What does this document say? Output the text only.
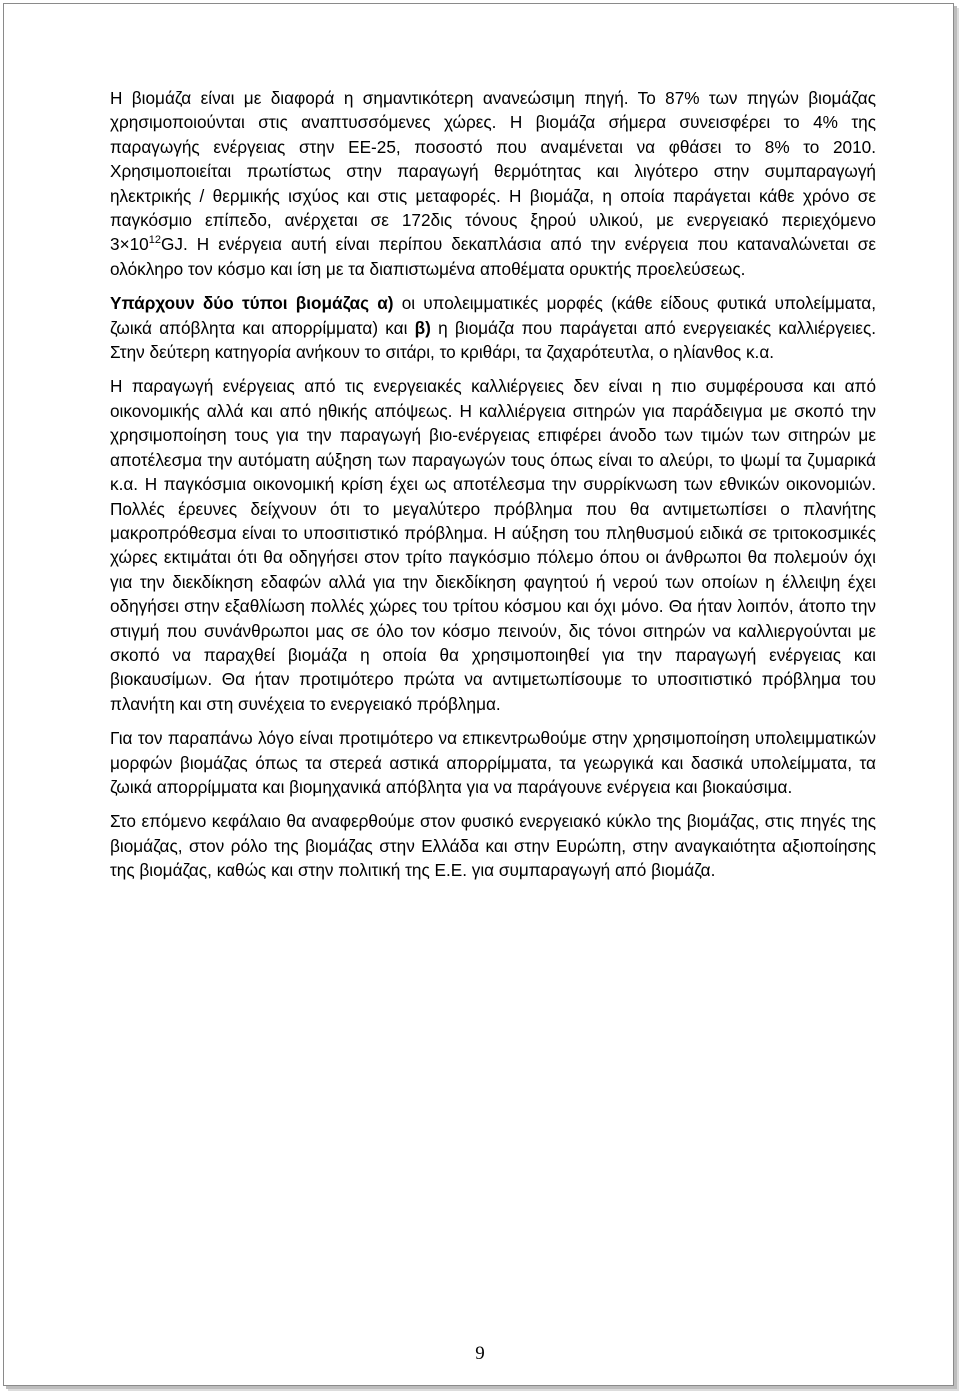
Η βιομάζα είναι με διαφορά η σημαντικότερη ανανεώσιμη πηγή. Το 87% των πηγών βιομάζας χρησιμοποιούνται στις αναπτυσσόμενες χώρες. Η βιομάζα σήμερα συνεισφέρει το 4% της παραγωγής ενέργειας στην ΕΕ-25, ποσοστό που αναμένεται να φθάσει το 8% το 2010. Χρησιμοποιείται πρωτίστως στην παραγωγή θερμότητας και λιγότερο στην συμπαραγωγή ηλεκτρικής / θερμικής ισχύος και στις μεταφορές. Η βιομάζα, η οποία παράγεται κάθε χρόνο σε παγκόσμιο επίπεδο, ανέρχεται σε 172δις τόνους ξηρού υλικού, με ενεργειακό περιεχόμενο $3\times 10^{12}GJ$. Η ενέργεια αυτή είναι περίπου δεκαπλάσια από την ενέργεια που καταναλώνεται σε ολόκληρο τον κόσμο και ίση με τα διαπιστωμένα αποθέματα ορυκτής προελεύσεως.

Υπάρχουν δύο τύποι βιομάζας α) οι υπολειμματικές μορφές (κάθε είδους φυτικά υπολείμματα, ζωικά απόβλητα και απορρίμματα) και β) η βιομάζα που παράγεται από ενεργειακές καλλιέργειες. Στην δεύτερη κατηγορία ανήκουν το σιτάρι, το κριθάρι, τα ζαχαρότευτλα, ο ηλίανθος κ.α.

Η παραγωγή ενέργειας από τις ενεργειακές καλλιέργειες δεν είναι η πιο συμφέρουσα και από οικονομικής αλλά και από ηθικής απόψεως. Η καλλιέργεια σιτηρών για παράδειγμα με σκοπό την χρησιμοποίηση τους για την παραγωγή βιο-ενέργειας επιφέρει άνοδο των τιμών των σιτηρών με αποτέλεσμα την αυτόματη αύξηση των παραγωγών τους όπως είναι το αλεύρι, το ψωμί τα ζυμαρικά κ.α. Η παγκόσμια οικονομική κρίση έχει ως αποτέλεσμα την συρρίκνωση των εθνικών οικονομιών. Πολλές έρευνες δείχνουν ότι το μεγαλύτερο πρόβλημα που θα αντιμετωπίσει ο πλανήτης μακροπρόθεσμα είναι το υποσιτιστικό πρόβλημα. Η αύξηση του πληθυσμού ειδικά σε τριτοκοσμικές χώρες εκτιμάται ότι θα οδηγήσει στον τρίτο παγκόσμιο πόλεμο όπου οι άνθρωποι θα πολεμούν όχι για την διεκδίκηση εδαφών αλλά για την διεκδίκηση φαγητού ή νερού των οποίων η έλλειψη έχει οδηγήσει στην εξαθλίωση πολλές χώρες του τρίτου κόσμου και όχι μόνο. Θα ήταν λοιπόν, άτοπο την στιγμή που συνάνθρωποι μας σε όλο τον κόσμο πεινούν, δις τόνοι σιτηρών να καλλιεργούνται με σκοπό να παραχθεί βιομάζα η οποία θα χρησιμοποιηθεί για την παραγωγή ενέργειας και βιοκαυσίμων. Θα ήταν προτιμότερο πρώτα να αντιμετωπίσουμε το υποσιτιστικό πρόβλημα του πλανήτη και στη συνέχεια το ενεργειακό πρόβλημα.

Για τον παραπάνω λόγο είναι προτιμότερο να επικεντρωθούμε στην χρησιμοποίηση υπολειμματικών μορφών βιομάζας όπως τα στερεά αστικά απορρίμματα, τα γεωργικά και δασικά υπολείμματα, τα ζωικά απορρίμματα και βιομηχανικά απόβλητα για να παράγουνε ενέργεια και βιοκαύσιμα.

Στο επόμενο κεφάλαιο θα αναφερθούμε στον φυσικό ενεργειακό κύκλο της βιομάζας, στις πηγές της βιομάζας, στον ρόλο της βιομάζας στην Ελλάδα και στην Ευρώπη, στην αναγκαιότητα αξιοποίησης της βιομάζας, καθώς και στην πολιτική της Ε.Ε. για συμπαραγωγή από βιομάζα.

9
